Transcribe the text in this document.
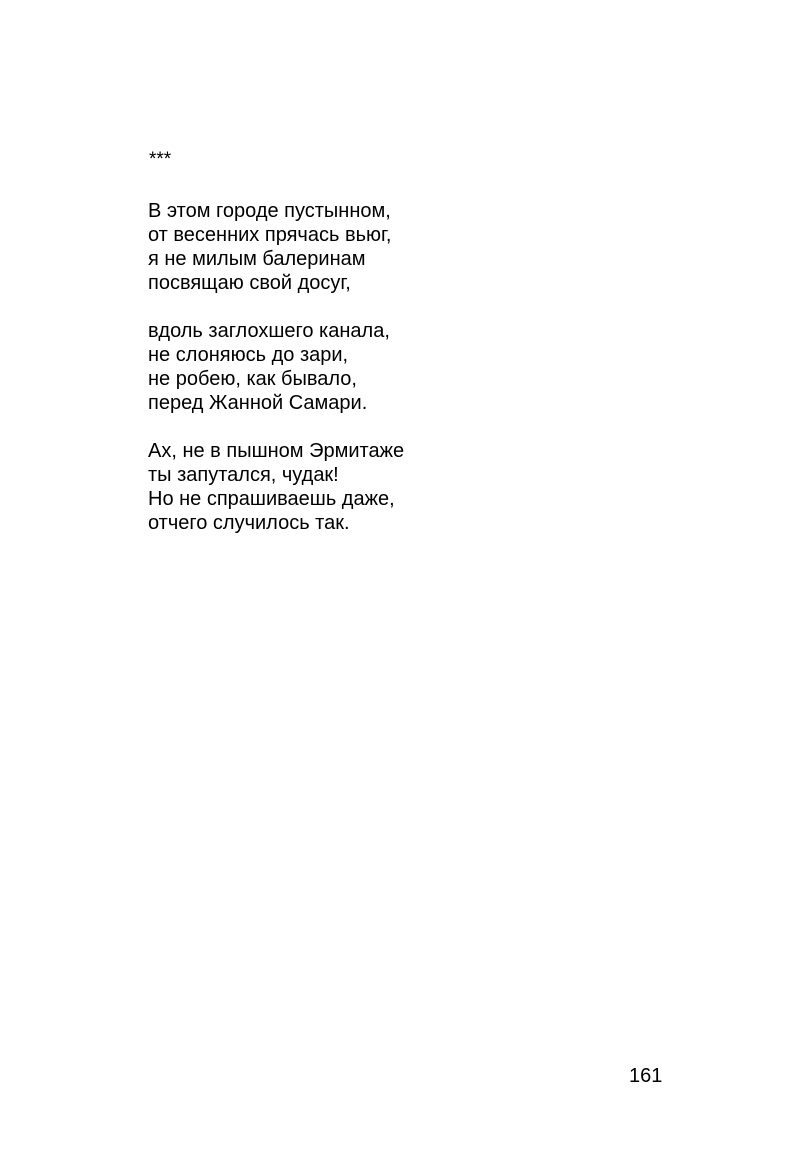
***
В этом городе пустынном,
от весенних прячась вьюг,
я не милым балеринам
посвящаю свой досуг,
вдоль заглохшего канала,
не слоняюсь до зари,
не робею, как бывало,
перед Жанной Самари.
Ах, не в пышном Эрмитаже
ты запутался, чудак!
Но не спрашиваешь даже,
отчего случилось так.
161
